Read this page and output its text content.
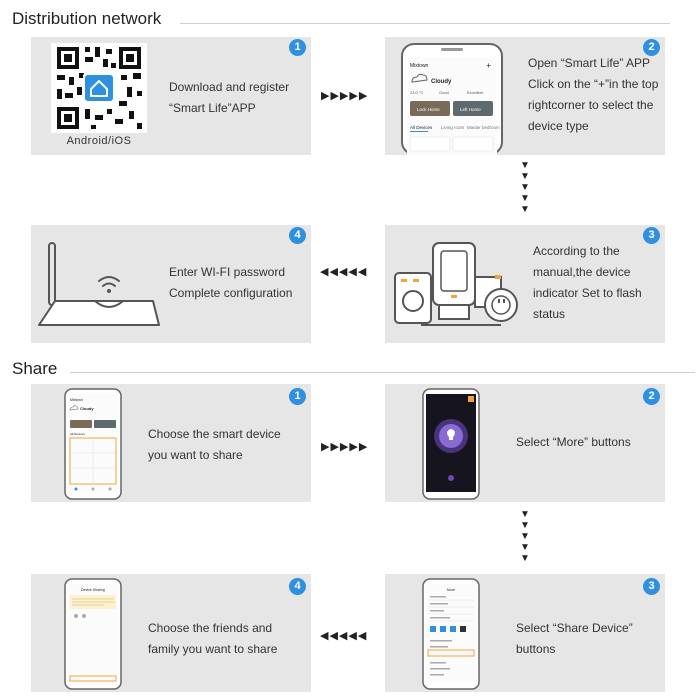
Distribution network
Android/iOS
Download and register
“Smart Life”APP
1
▶▶▶▶▶
Mixtown	+
Cloudy
23.0 °C	Good	Excellent
Lock Home	Left Home
All Devices Living room Master bedroom
Open “Smart Life” APP
Click on the “+”in the top
rightcorner to select the
device type
2
▼
▼
▼
▼
▼
Enter WI-FI password
Complete configuration
4
◀◀◀◀◀
According to the
manual,the device
indicator Set to flash
status
3
Share
Mixtown
Cloudy
All Devices	Choose the smart device
you want to share
1
▶▶▶▶▶	Select “More” buttons
2
▼
▼
▼
▼
▼
Device Sharing
Choose the friends and
family you want to share
4
◀◀◀◀◀
More
Select “Share Device”
buttons
3
